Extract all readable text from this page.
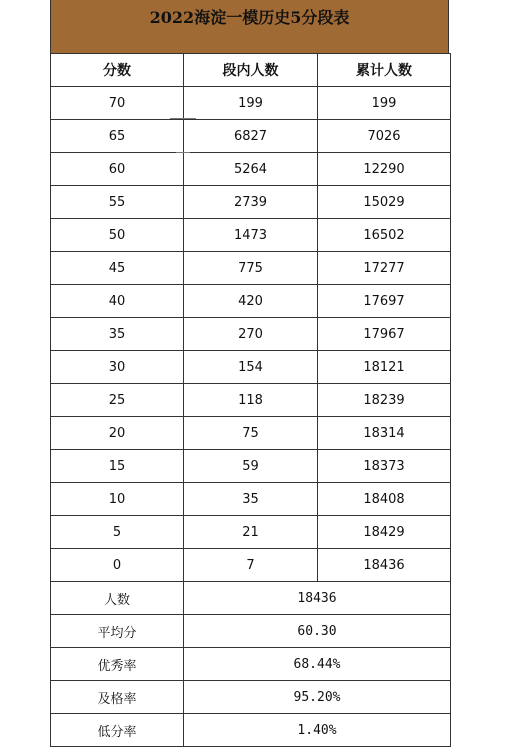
2022海淀一模历史5分段表
分数	段内人数	累计人数
70	199	199
65	6827	7026
60	5264	12290
55	2739	15029
50	1473	16502
45	775	17277
40	420	17697
35	270	17967
30	154	18121
25	118	18239
20	75	18314
15	59	18373
10	35	18408
5	21	18429
0	7	18436
人数	18436	
平均分	60.30	
优秀率	68.44%	
及格率	95.20%	
低分率	1.40%	
